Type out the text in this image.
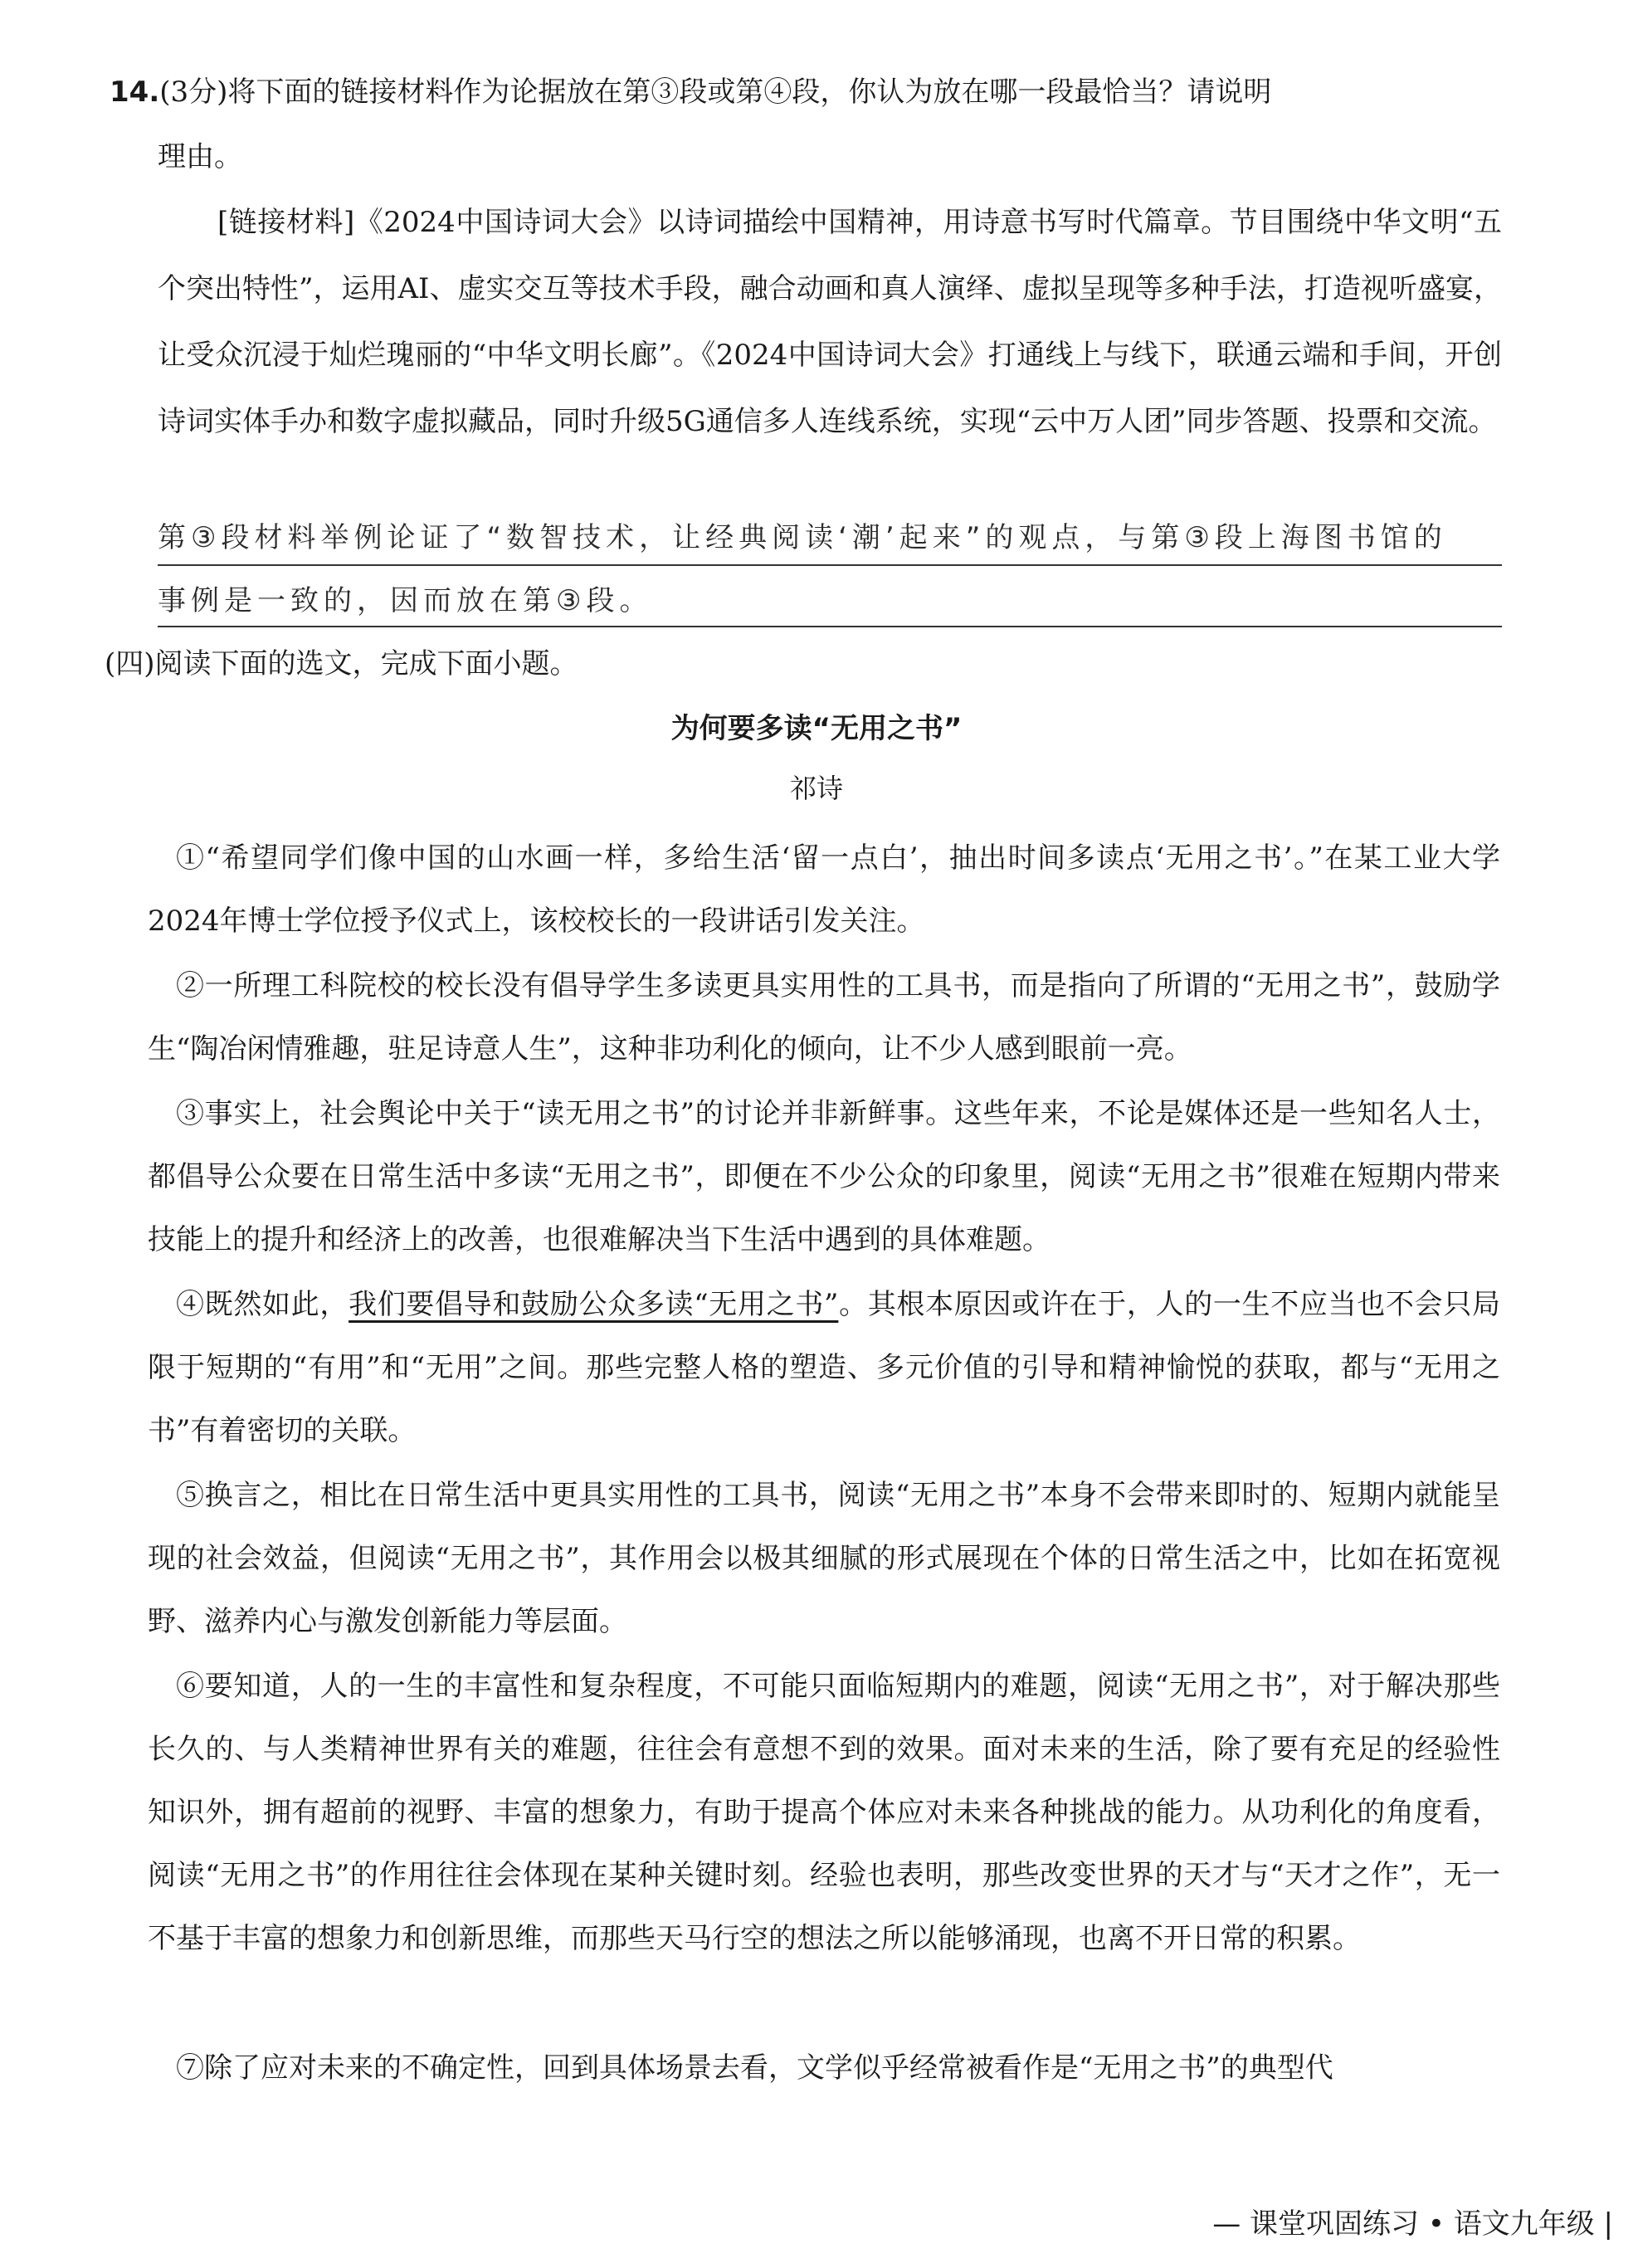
14.(3分)将下面的链接材料作为论据放在第③段或第④段，你认为放在哪一段最恰当？请说明
理由。
[链接材料]《2024中国诗词大会》以诗词描绘中国精神，用诗意书写时代篇章。节目围绕中华文明“五个突出特性”，运用AI、虚实交互等技术手段，融合动画和真人演绎、虚拟呈现等多种手法，打造视听盛宴，让受众沉浸于灿烂瑰丽的“中华文明长廊”。《2024中国诗词大会》打通线上与线下，联通云端和手间，开创诗词实体手办和数字虚拟藏品，同时升级5G通信多人连线系统，实现“云中万人团”同步答题、投票和交流。
第③段材料举例论证了“数智技术，让经典阅读‘潮’起来”的观点，与第③段上海图书馆的
事例是一致的，因而放在第③段。
(四)阅读下面的选文，完成下面小题。
为何要多读“无用之书”
祁诗
①“希望同学们像中国的山水画一样，多给生活‘留一点白’，抽出时间多读点‘无用之书’。”在某工业大学2024年博士学位授予仪式上，该校校长的一段讲话引发关注。
②一所理工科院校的校长没有倡导学生多读更具实用性的工具书，而是指向了所谓的“无用之书”，鼓励学生“陶冶闲情雅趣，驻足诗意人生”，这种非功利化的倾向，让不少人感到眼前一亮。
③事实上，社会舆论中关于“读无用之书”的讨论并非新鲜事。这些年来，不论是媒体还是一些知名人士，都倡导公众要在日常生活中多读“无用之书”，即便在不少公众的印象里，阅读“无用之书”很难在短期内带来技能上的提升和经济上的改善，也很难解决当下生活中遇到的具体难题。
④既然如此，我们要倡导和鼓励公众多读“无用之书”。其根本原因或许在于，人的一生不应当也不会只局限于短期的“有用”和“无用”之间。那些完整人格的塑造、多元价值的引导和精神愉悦的获取，都与“无用之书”有着密切的关联。
⑤换言之，相比在日常生活中更具实用性的工具书，阅读“无用之书”本身不会带来即时的、短期内就能呈现的社会效益，但阅读“无用之书”，其作用会以极其细腻的形式展现在个体的日常生活之中，比如在拓宽视野、滋养内心与激发创新能力等层面。
⑥要知道，人的一生的丰富性和复杂程度，不可能只面临短期内的难题，阅读“无用之书”，对于解决那些长久的、与人类精神世界有关的难题，往往会有意想不到的效果。面对未来的生活，除了要有充足的经验性知识外，拥有超前的视野、丰富的想象力，有助于提高个体应对未来各种挑战的能力。从功利化的角度看，阅读“无用之书”的作用往往会体现在某种关键时刻。经验也表明，那些改变世界的天才与“天才之作”，无一不基于丰富的想象力和创新思维，而那些天马行空的想法之所以能够涌现，也离不开日常的积累。
⑦除了应对未来的不确定性，回到具体场景去看，文学似乎经常被看作是“无用之书”的典型代
— 课堂巩固练习 • 语文九年级 |
